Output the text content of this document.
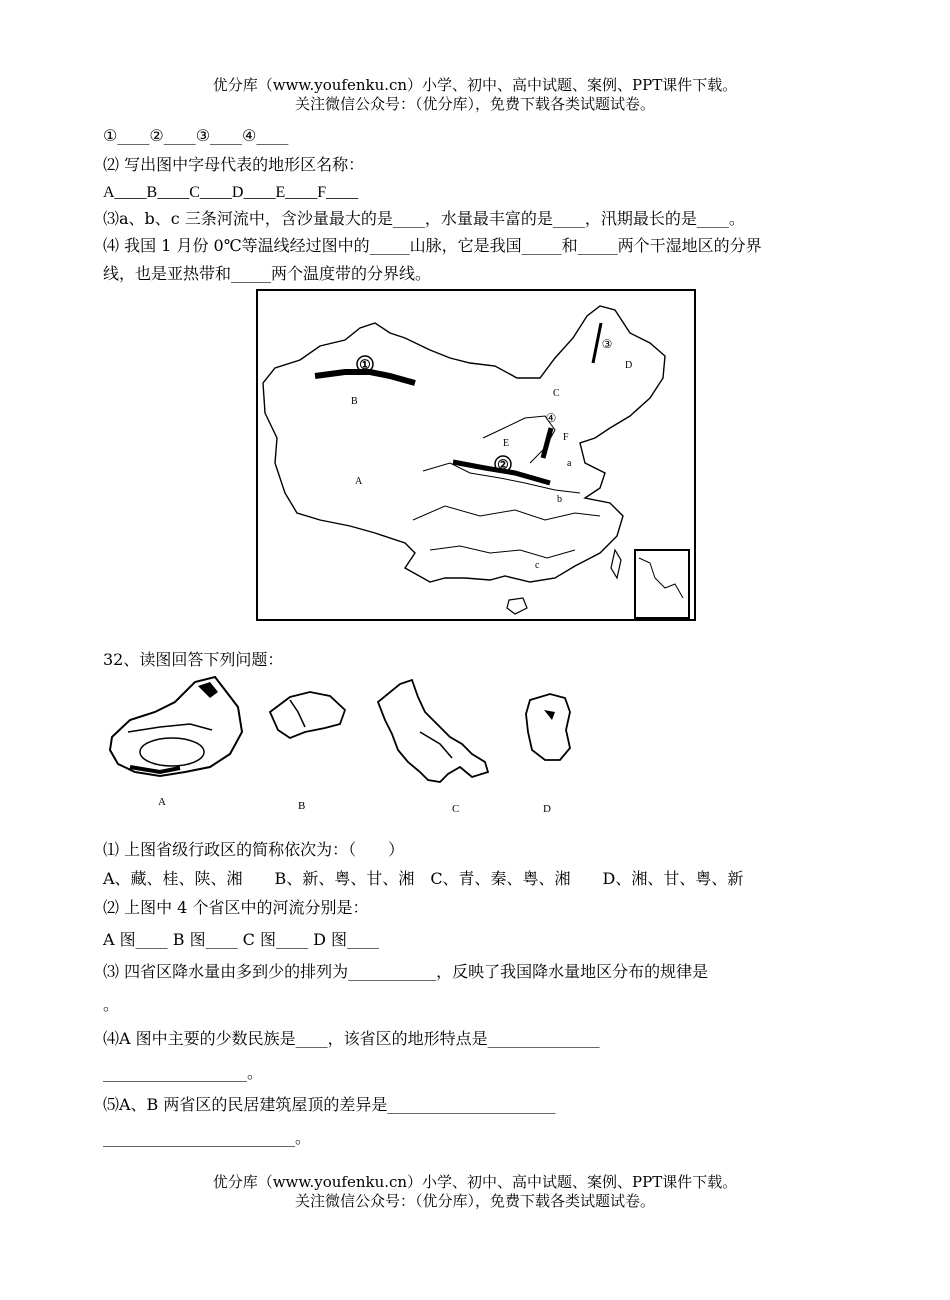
优分库（www.youfenku.cn）小学、初中、高中试题、案例、PPT课件下载。
关注微信公众号：（优分库），免费下载各类试题试卷。
①____②____③____④____
⑵ 写出图中字母代表的地形区名称：
A____B____C____D____E____F____
⑶a、b、c 三条河流中，含沙量最大的是____，水量最丰富的是____，汛期最长的是____。
⑷ 我国 1 月份 0℃等温线经过图中的_____山脉，它是我国_____和_____两个干湿地区的分界
线，也是亚热带和_____两个温度带的分界线。
①
②
③
④
A
B
C
D
E
F
a
b
c
32、读图回答下列问题：
A	B	C	D
⑴ 上图省级行政区的简称依次为：（　　）
A、藏、桂、陕、湘　　B、新、粤、甘、湘　C、青、秦、粤、湘　　D、湘、甘、粤、新
⑵ 上图中 4 个省区中的河流分别是：
A 图____ B 图____ C 图____ D 图____
⑶ 四省区降水量由多到少的排列为___________，反映了我国降水量地区分布的规律是
。
⑷A 图中主要的少数民族是____，该省区的地形特点是______________
__________________。
⑸A、B 两省区的民居建筑屋顶的差异是_____________________
________________________。
优分库（www.youfenku.cn）小学、初中、高中试题、案例、PPT课件下载。
关注微信公众号：（优分库），免费下载各类试题试卷。
